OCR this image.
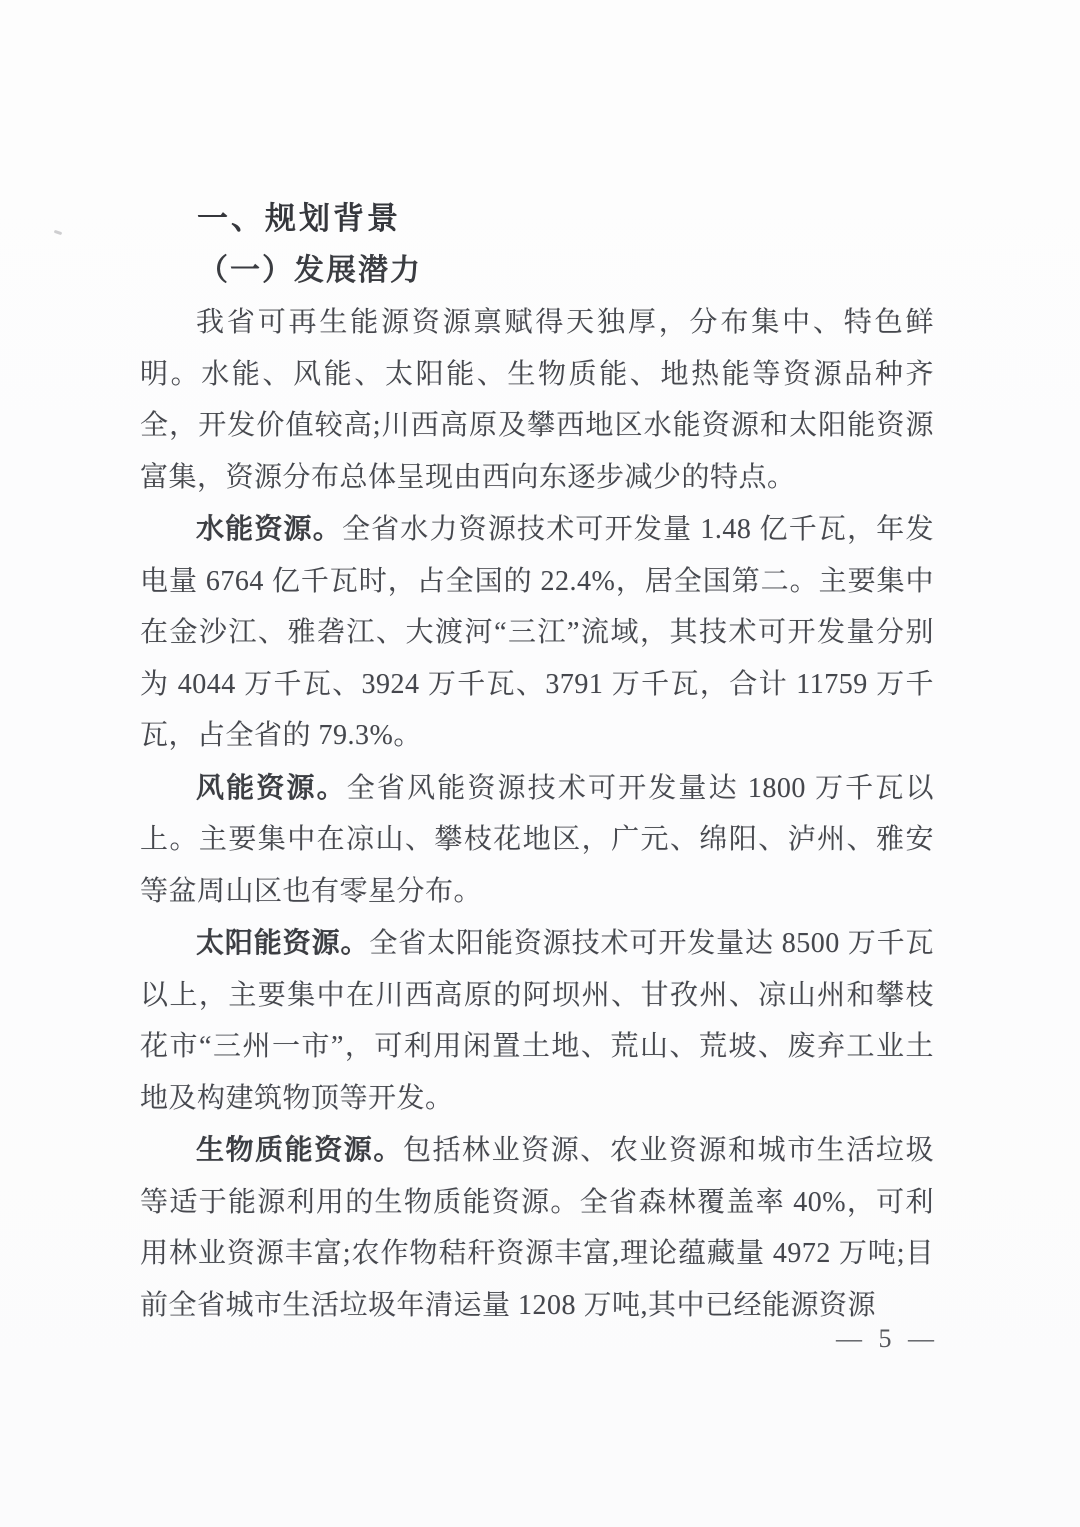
一、规划背景
（一）发展潜力

我省可再生能源资源禀赋得天独厚，分布集中、特色鲜明。水能、风能、太阳能、生物质能、地热能等资源品种齐全，开发价值较高;川西高原及攀西地区水能资源和太阳能资源富集，资源分布总体呈现由西向东逐步减少的特点。

水能资源。全省水力资源技术可开发量 1.48 亿千瓦，年发电量 6764 亿千瓦时，占全国的 22.4%，居全国第二。主要集中在金沙江、雅砻江、大渡河“三江”流域，其技术可开发量分别为 4044 万千瓦、3924 万千瓦、3791 万千瓦，合计 11759 万千瓦，占全省的 79.3%。

风能资源。全省风能资源技术可开发量达 1800 万千瓦以上。主要集中在凉山、攀枝花地区，广元、绵阳、泸州、雅安等盆周山区也有零星分布。

太阳能资源。全省太阳能资源技术可开发量达 8500 万千瓦以上，主要集中在川西高原的阿坝州、甘孜州、凉山州和攀枝花市“三州一市”，可利用闲置土地、荒山、荒坡、废弃工业土地及构建筑物顶等开发。

生物质能资源。包括林业资源、农业资源和城市生活垃圾等适于能源利用的生物质能资源。全省森林覆盖率 40%，可利用林业资源丰富;农作物秸秆资源丰富,理论蕴藏量 4972 万吨;目前全省城市生活垃圾年清运量 1208 万吨,其中已经能源资源

— 5 —
